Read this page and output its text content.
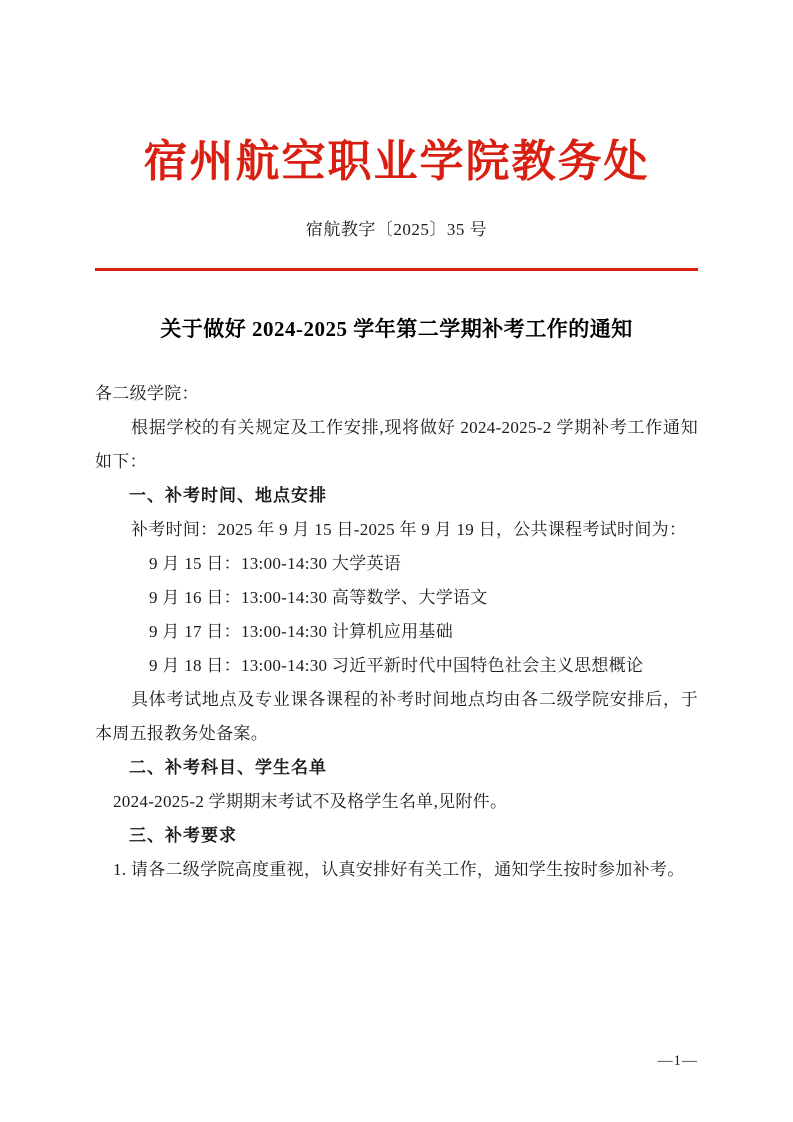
宿州航空职业学院教务处
宿航教字〔2025〕35 号
关于做好 2024-2025 学年第二学期补考工作的通知

各二级学院：

根据学校的有关规定及工作安排,现将做好 2024-2025-2 学期补考工作通知如下：

一、补考时间、地点安排

补考时间：2025 年 9 月 15 日-2025 年 9 月 19 日，公共课程考试时间为：

9 月 15 日：13:00-14:30 大学英语

9 月 16 日：13:00-14:30 高等数学、大学语文

9 月 17 日：13:00-14:30 计算机应用基础

9 月 18 日：13:00-14:30 习近平新时代中国特色社会主义思想概论

具体考试地点及专业课各课程的补考时间地点均由各二级学院安排后，于本周五报教务处备案。

二、补考科目、学生名单

2024-2025-2 学期期末考试不及格学生名单,见附件。

三、补考要求

1. 请各二级学院高度重视，认真安排好有关工作，通知学生按时参加补考。

—1—
